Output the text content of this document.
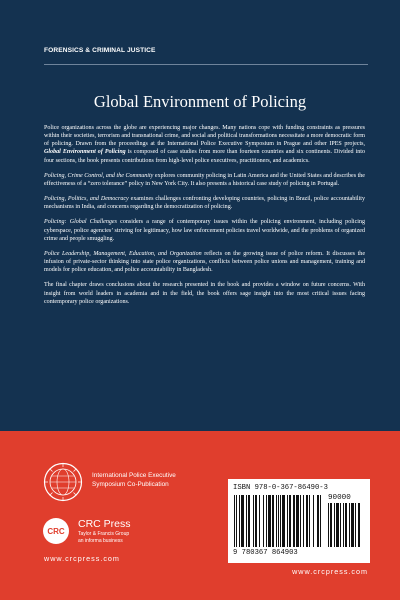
FORENSICS & CRIMINAL JUSTICE
Global Environment of Policing

Police organizations across the globe are experiencing major changes. Many nations cope with funding constraints as pressures within their societies, terrorism and transnational crime, and social and political transformations necessitate a more democratic form of policing. Drawn from the proceedings at the International Police Executive Symposium in Prague and other IPES projects, Global Environment of Policing is composed of case studies from more than fourteen countries and six continents. Divided into four sections, the book presents contributions from high-level police executives, practitioners, and academics.

Policing, Crime Control, and the Community explores community policing in Latin America and the United States and describes the effectiveness of a “zero tolerance” policy in New York City. It also presents a historical case study of policing in Portugal.

Policing, Politics, and Democracy examines challenges confronting developing countries, policing in Brazil, police accountability mechanisms in India, and concerns regarding the democratization of policing.

Policing: Global Challenges considers a range of contemporary issues within the policing environment, including policing cyberspace, police agencies’ striving for legitimacy, how law enforcement policies travel worldwide, and the problems of organized crime and people smuggling.

Police Leadership, Management, Education, and Organization reflects on the growing issue of police reform. It discusses the infusion of private-sector thinking into state police organizations, conflicts between police unions and management, training and models for police education, and police accountability in Bangladesh.

The final chapter draws conclusions about the research presented in the book and provides a window on future concerns. With insight from world leaders in academia and in the field, the book offers sage insight into the most critical issues facing contemporary police organizations.

International Police Executive
Symposium Co-Publication
CRC
CRC Press
Taylor & Francis Group
an informa business
www.crcpress.com
ISBN 978-0-367-86490-3
90000
9 780367 864903
www.crcpress.com
